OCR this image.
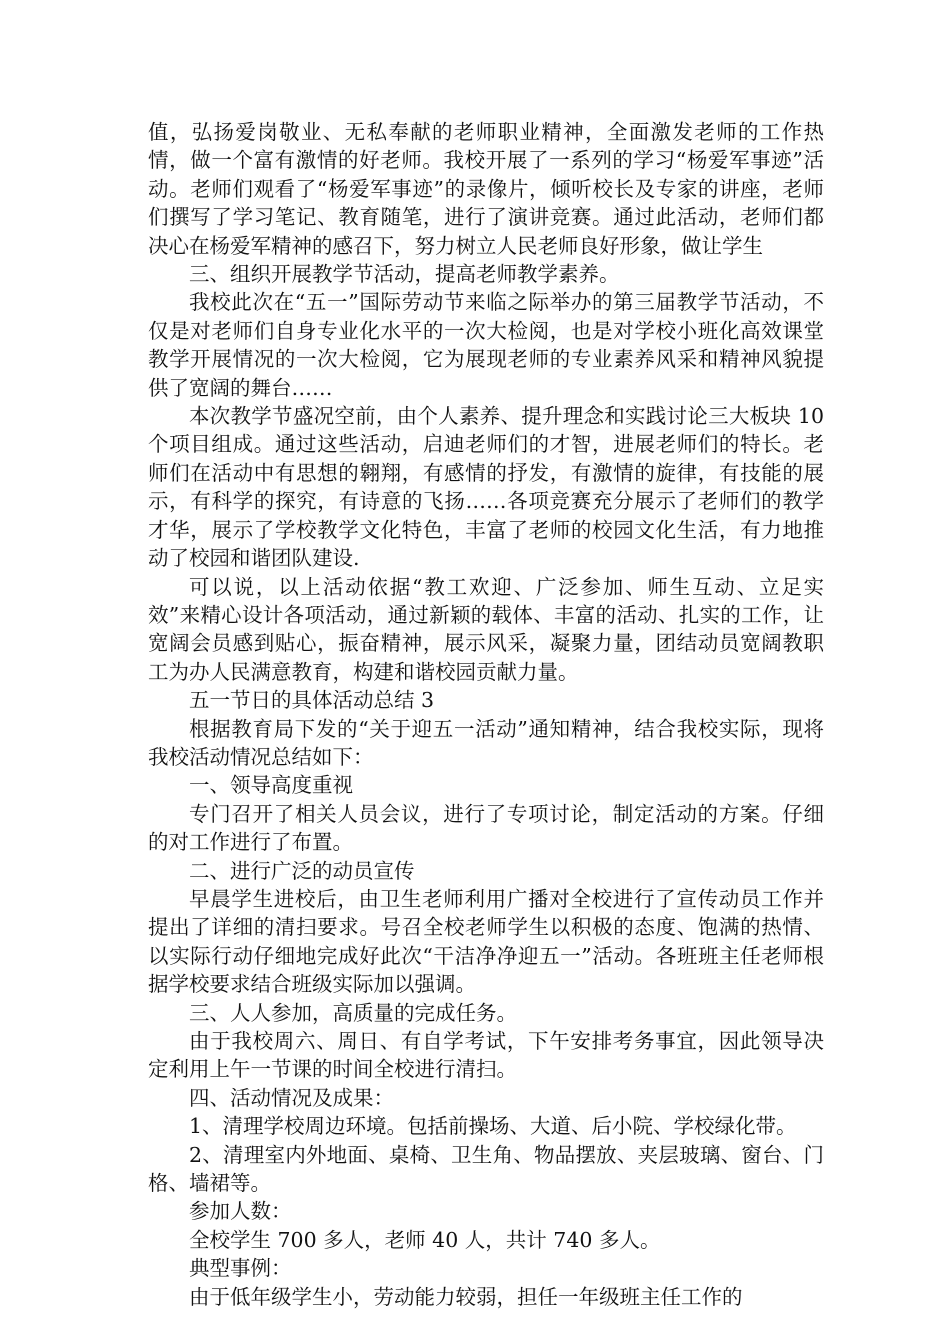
值，弘扬爱岗敬业、无私奉献的老师职业精神，全面激发老师的工作热情，做一个富有激情的好老师。我校开展了一系列的学习“杨爱军事迹”活动。老师们观看了“杨爱军事迹”的录像片，倾听校长及专家的讲座，老师们撰写了学习笔记、教育随笔，进行了演讲竞赛。通过此活动，老师们都决心在杨爱军精神的感召下，努力树立人民老师良好形象，做让学生

三、组织开展教学节活动，提高老师教学素养。

我校此次在“五一”国际劳动节来临之际举办的第三届教学节活动，不仅是对老师们自身专业化水平的一次大检阅，也是对学校小班化高效课堂教学开展情况的一次大检阅，它为展现老师的专业素养风采和精神风貌提供了宽阔的舞台……

本次教学节盛况空前，由个人素养、提升理念和实践讨论三大板块 10 个项目组成。通过这些活动，启迪老师们的才智，进展老师们的特长。老师们在活动中有思想的翱翔，有感情的抒发，有激情的旋律，有技能的展示，有科学的探究，有诗意的飞扬……各项竞赛充分展示了老师们的教学才华，展示了学校教学文化特色，丰富了老师的校园文化生活，有力地推动了校园和谐团队建设.

可以说，以上活动依据“教工欢迎、广泛参加、师生互动、立足实效”来精心设计各项活动，通过新颖的载体、丰富的活动、扎实的工作，让宽阔会员感到贴心，振奋精神，展示风采，凝聚力量，团结动员宽阔教职工为办人民满意教育，构建和谐校园贡献力量。

五一节日的具体活动总结 3

根据教育局下发的“关于迎五一活动”通知精神，结合我校实际，现将我校活动情况总结如下：

一、领导高度重视

专门召开了相关人员会议，进行了专项讨论，制定活动的方案。仔细的对工作进行了布置。

二、进行广泛的动员宣传

早晨学生进校后，由卫生老师利用广播对全校进行了宣传动员工作并提出了详细的清扫要求。号召全校老师学生以积极的态度、饱满的热情、以实际行动仔细地完成好此次“干洁净净迎五一”活动。各班班主任老师根据学校要求结合班级实际加以强调。

三、人人参加，高质量的完成任务。

由于我校周六、周日、有自学考试，下午安排考务事宜，因此领导决定利用上午一节课的时间全校进行清扫。

四、活动情况及成果：

1、清理学校周边环境。包括前操场、大道、后小院、学校绿化带。

2、清理室内外地面、桌椅、卫生角、物品摆放、夹层玻璃、窗台、门格、墙裙等。

参加人数：

全校学生 700 多人，老师 40 人，共计 740 多人。

典型事例：

由于低年级学生小，劳动能力较弱，担任一年级班主任工作的
